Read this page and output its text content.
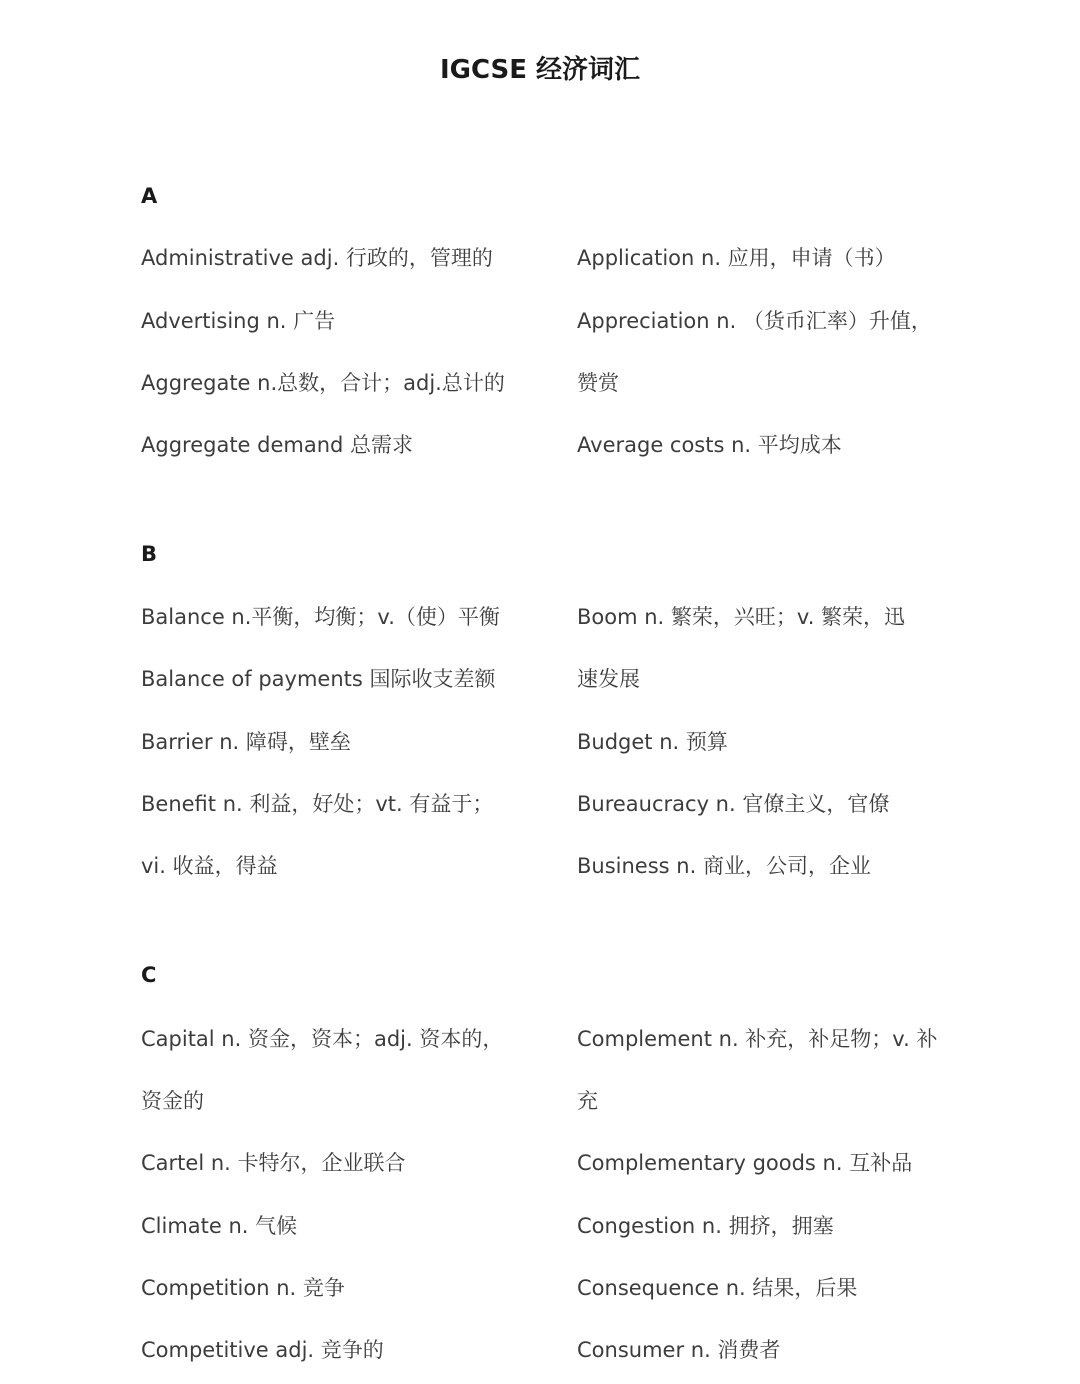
IGCSE 经济词汇
A
Administrative adj. 行政的，管理的
Advertising n. 广告
Aggregate n.总数，合计；adj.总计的
Aggregate demand 总需求
Application n. 应用，申请（书）
Appreciation n. （货币汇率）升值，
赞赏
Average costs n. 平均成本
B
Balance n.平衡，均衡；v.（使）平衡
Balance of payments 国际收支差额
Barrier n. 障碍，壁垒
Benefit n. 利益，好处；vt. 有益于；
vi. 收益，得益
Boom n. 繁荣，兴旺；v. 繁荣，迅
速发展
Budget n. 预算
Bureaucracy n. 官僚主义，官僚
Business n. 商业，公司，企业
C
Capital n. 资金，资本；adj. 资本的，
资金的
Cartel n. 卡特尔，企业联合
Climate n. 气候
Competition n. 竞争
Competitive adj. 竞争的
Complement n. 补充，补足物；v. 补
充
Complementary goods n. 互补品
Congestion n. 拥挤，拥塞
Consequence n. 结果，后果
Consumer n. 消费者
